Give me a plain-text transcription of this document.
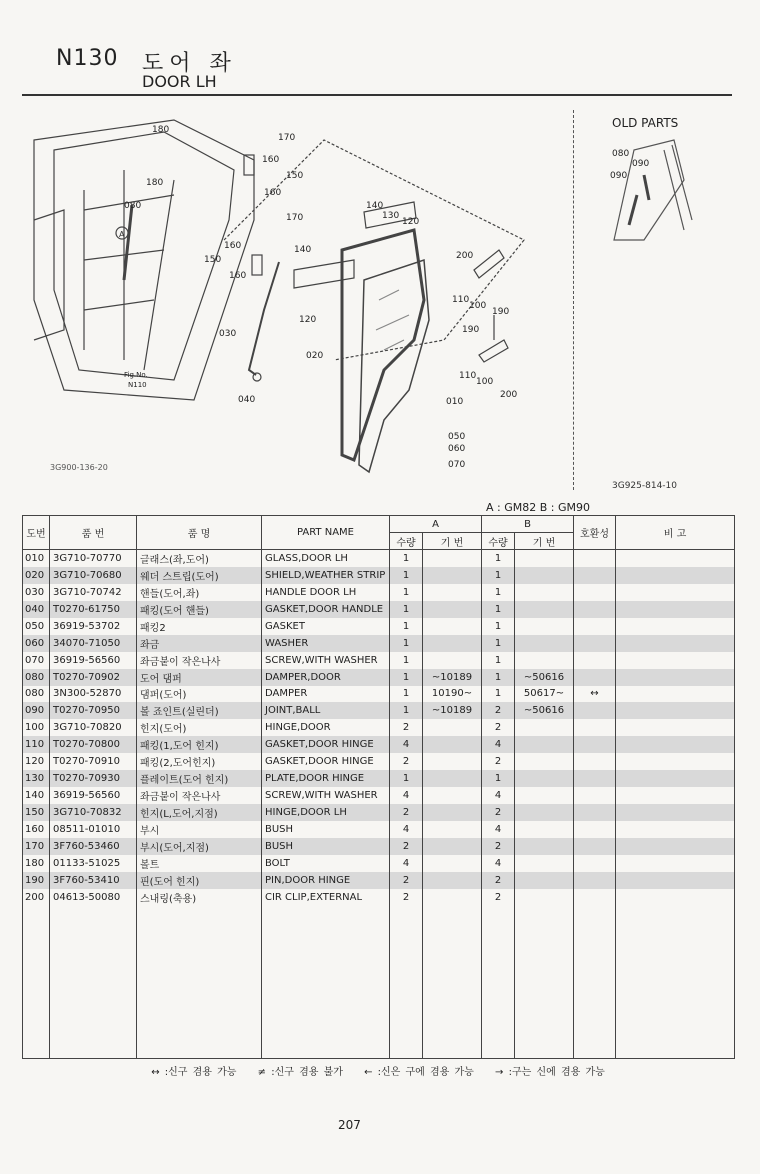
N130 도어 좌
DOOR LH
A
180
170
160
150
160
180
080
170
160
150
160
140
140
130
120
200
110
100
190
120
030
020
190
110
100
200
040	010
050
060
070
080
090
090
Fig.No.
N110
OLD PARTS
3G900-136-20
3G925-814-10
A : GM82 B : GM90
도번	품 번	품 명	PART NAME	A		B		호환성	비 고
				수량	기 번	수량	기 번		
010	3G710-70770	글래스(좌,도어)	GLASS,DOOR LH	1		1			
020	3G710-70680	웨더 스트립(도어)	SHIELD,WEATHER STRIP	1		1			
030	3G710-70742	핸들(도어,좌)	HANDLE DOOR LH	1		1			
040	T0270-61750	패킹(도어 핸들)	GASKET,DOOR HANDLE	1		1			
050	36919-53702	패킹2	GASKET	1		1			
060	34070-71050	좌금	WASHER	1		1			
070	36919-56560	좌금붙이 작은나사	SCREW,WITH WASHER	1		1			
080	T0270-70902	도어 댐퍼	DAMPER,DOOR	1	~10189	1	~50616		
080	3N300-52870	댐퍼(도어)	DAMPER	1	10190~	1	50617~	↔	
090	T0270-70950	볼 죠인트(실린더)	JOINT,BALL	1	~10189	2	~50616		
100	3G710-70820	힌지(도어)	HINGE,DOOR	2		2			
110	T0270-70800	패킹(1,도어 힌지)	GASKET,DOOR HINGE	4		4			
120	T0270-70910	패킹(2,도어힌지)	GASKET,DOOR HINGE	2		2			
130	T0270-70930	플레이트(도어 힌지)	PLATE,DOOR HINGE	1		1			
140	36919-56560	좌금붙이 작은나사	SCREW,WITH WASHER	4		4			
150	3G710-70832	힌지(L,도어,지점)	HINGE,DOOR LH	2		2			
160	08511-01010	부시	BUSH	4		4			
170	3F760-53460	부시(도어,지점)	BUSH	2		2			
180	01133-51025	볼트	BOLT	4		4			
190	3F760-53410	핀(도어 힌지)	PIN,DOOR HINGE	2		2			
200	04613-50080	스내링(축용)	CIR CLIP,EXTERNAL	2		2			

↔ :신구 겸용 가능 ≠ :신구 겸용 불가 ← :신은 구에 겸용 가능 → :구는 신에 겸용 가능
207
